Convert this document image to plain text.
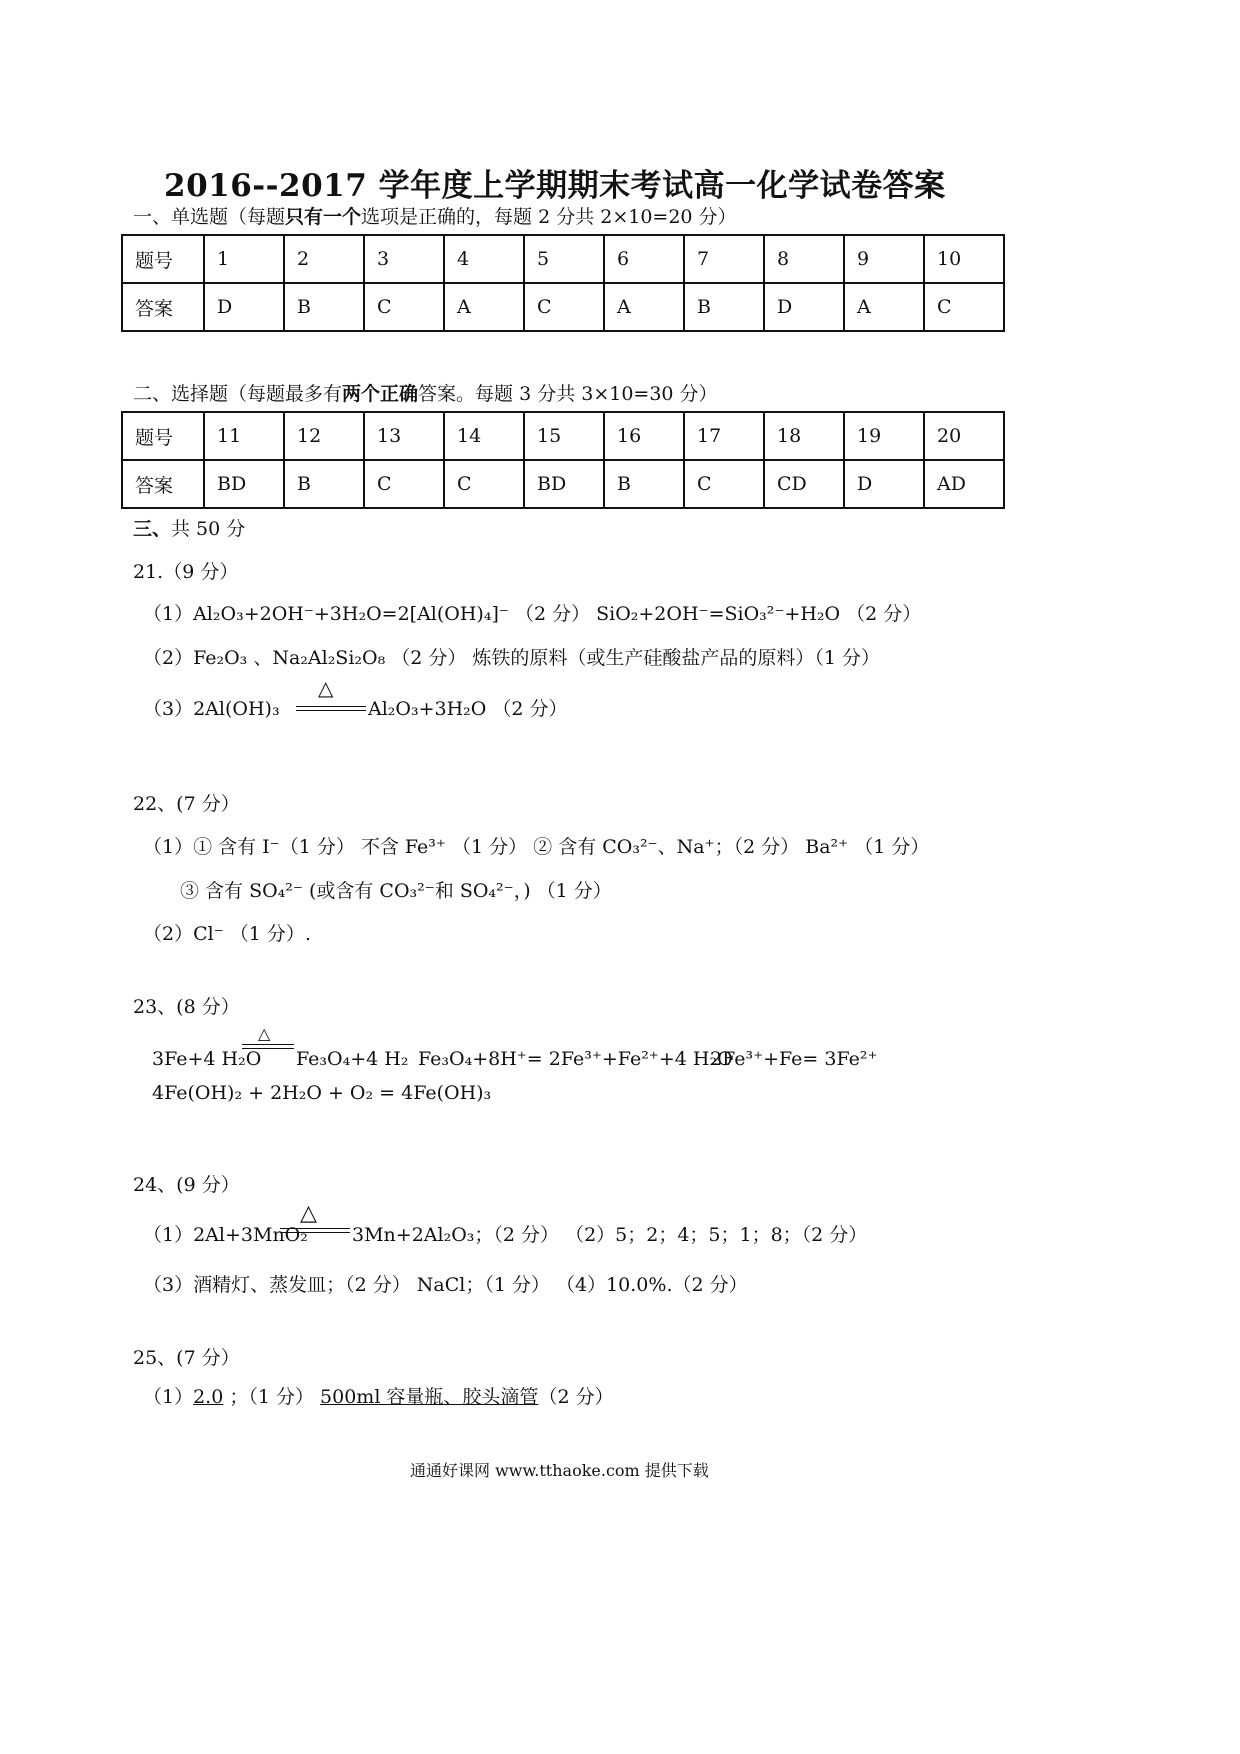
2016--2017 学年度上学期期末考试高一化学试卷答案
一、单选题（每题只有一个选项是正确的，每题 2 分共 2×10=20 分）
题号	1	2	3	4	5	6	7	8	9	10
答案	D	B	C	A	C	A	B	D	A	C
二、选择题（每题最多有两个正确答案。每题 3 分共 3×10=30 分）
题号	11	12	13	14	15	16	17	18	19	20
答案	BD	B	C	C	BD	B	C	CD	D	AD
三、共 50 分
21.（9 分）
（1）Al₂O₃+2OH⁻+3H₂O=2[Al(OH)₄]⁻ （2 分） SiO₂+2OH⁻=SiO₃²⁻+H₂O （2 分）
（2）Fe₂O₃ 、Na₂Al₂Si₂O₈ （2 分） 炼铁的原料（或生产硅酸盐产品的原料）（1 分）
（3）2Al(OH)₃
△
Al₂O₃+3H₂O （2 分）
22、(7 分）
（1）① 含有 I⁻（1 分） 不含 Fe³⁺ （1 分） ② 含有 CO₃²⁻、Na⁺；（2 分） Ba²⁺ （1 分）
③ 含有 SO₄²⁻ (或含有 CO₃²⁻和 SO₄²⁻，) （1 分）
（2）Cl⁻ （1 分）.
23、(8 分）
△
3Fe+4 H₂O Fe₃O₄+4 H₂ Fe₃O₄+8H⁺= 2Fe³⁺+Fe²⁺+4 H₂O
2Fe³⁺+Fe= 3Fe²⁺
4Fe(OH)₂ + 2H₂O + O₂ = 4Fe(OH)₃
24、(9 分）
△
（1）2Al+3MnO₂ 3Mn+2Al₂O₃；（2 分） （2）5；2；4；5；1；8；（2 分）
（3）酒精灯、蒸发皿；（2 分） NaCl；（1 分） （4）10.0%.（2 分）
25、(7 分）
（1）2.0 ；（1 分） 500ml 容量瓶、胶头滴管（2 分）
通通好课网 www.tthaoke.com 提供下载
